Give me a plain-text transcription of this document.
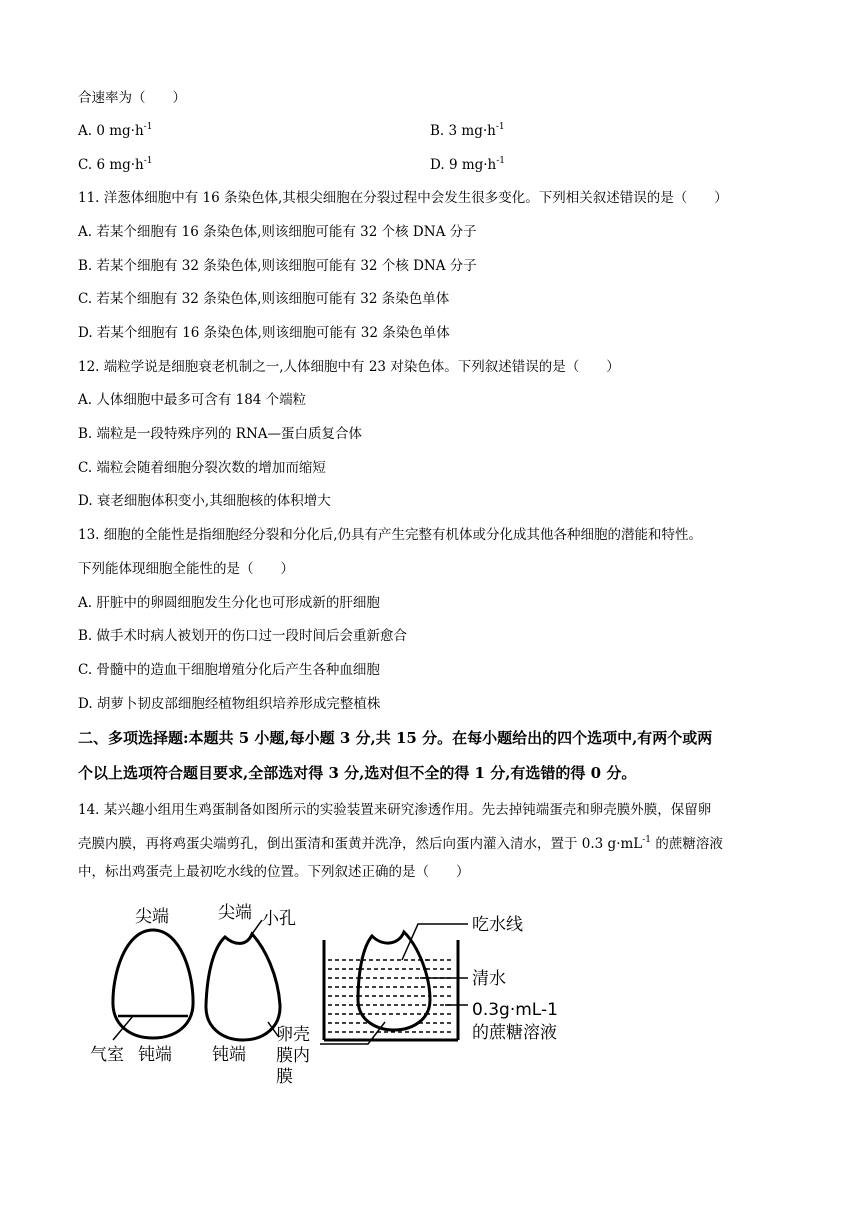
合速率为（　　）
A. 0 $mg\cdot h^{-1}$	B. 3 $mg\cdot h^{-1}$
C. 6 $mg\cdot h^{-1}$	D. 9 $mg\cdot h^{-1}$
11. 洋葱体细胞中有 16 条染色体,其根尖细胞在分裂过程中会发生很多变化。下列相关叙述错误的是（　　）
A. 若某个细胞有 16 条染色体,则该细胞可能有 32 个核 DNA 分子
B. 若某个细胞有 32 条染色体,则该细胞可能有 32 个核 DNA 分子
C. 若某个细胞有 32 条染色体,则该细胞可能有 32 条染色单体
D. 若某个细胞有 16 条染色体,则该细胞可能有 32 条染色单体
12. 端粒学说是细胞衰老机制之一,人体细胞中有 23 对染色体。下列叙述错误的是（　　）
A. 人体细胞中最多可含有 184 个端粒
B. 端粒是一段特殊序列的 RNA—蛋白质复合体
C. 端粒会随着细胞分裂次数的增加而缩短
D. 衰老细胞体积变小,其细胞核的体积增大
13. 细胞的全能性是指细胞经分裂和分化后,仍具有产生完整有机体或分化成其他各种细胞的潜能和特性。
下列能体现细胞全能性的是（　　）
A. 肝脏中的卵圆细胞发生分化也可形成新的肝细胞
B. 做手术时病人被划开的伤口过一段时间后会重新愈合
C. 骨髓中的造血干细胞增殖分化后产生各种血细胞
D. 胡萝卜韧皮部细胞经植物组织培养形成完整植株
二、多项选择题:本题共 5 小题,每小题 3 分,共 15 分。在每小题给出的四个选项中,有两个或两
个以上选项符合题目要求,全部选对得 3 分,选对但不全的得 1 分,有选错的得 0 分。
14. 某兴趣小组用生鸡蛋制备如图所示的实验装置来研究渗透作用。先去掉钝端蛋壳和卵壳膜外膜，保留卵
壳膜内膜，再将鸡蛋尖端剪孔，倒出蛋清和蛋黄并洗净，然后向蛋内灌入清水，置于 0.3 $g\cdot mL^{-1}$ 的蔗糖溶液
中，标出鸡蛋壳上最初吃水线的位置。下列叙述正确的是（　　）
尖端
气室 钝端
尖端 小孔
钝端
卵壳
膜内
膜
吃水线
清水
0.3g·mL-1
的蔗糖溶液
